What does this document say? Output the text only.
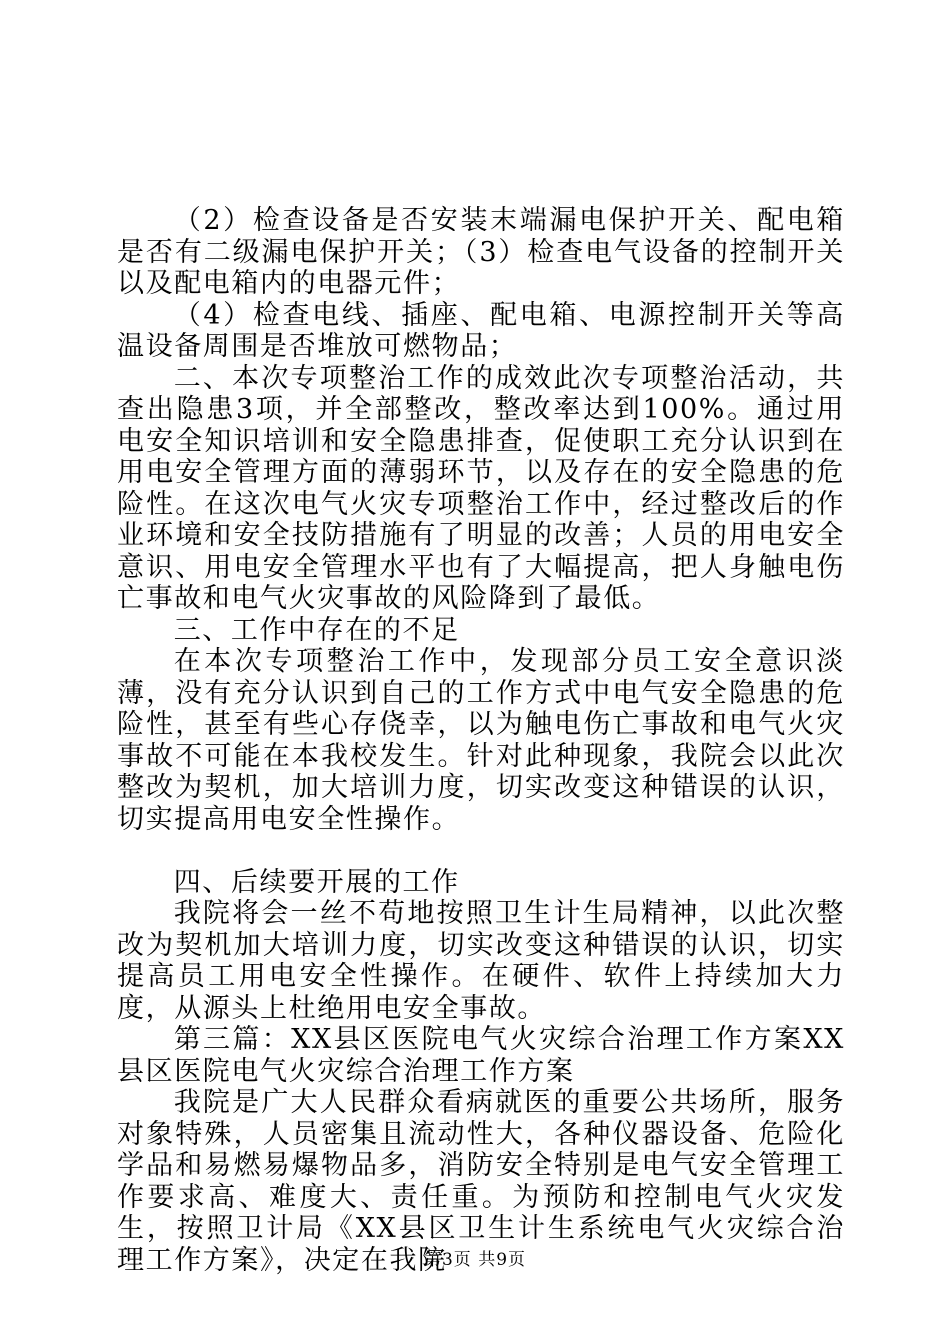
（2）检查设备是否安装末端漏电保护开关、配电箱是否有二级漏电保护开关；（3）检查电气设备的控制开关以及配电箱内的电器元件；

（4）检查电线、插座、配电箱、电源控制开关等高温设备周围是否堆放可燃物品；

二、本次专项整治工作的成效此次专项整治活动，共查出隐患3项，并全部整改，整改率达到100%。通过用电安全知识培训和安全隐患排查，促使职工充分认识到在用电安全管理方面的薄弱环节，以及存在的安全隐患的危险性。在这次电气火灾专项整治工作中，经过整改后的作业环境和安全技防措施有了明显的改善；人员的用电安全意识、用电安全管理水平也有了大幅提高，把人身触电伤亡事故和电气火灾事故的风险降到了最低。

三、工作中存在的不足

在本次专项整治工作中，发现部分员工安全意识淡薄，没有充分认识到自己的工作方式中电气安全隐患的危险性，甚至有些心存侥幸，以为触电伤亡事故和电气火灾事故不可能在本我校发生。针对此种现象，我院会以此次整改为契机，加大培训力度，切实改变这种错误的认识，切实提高用电安全性操作。

四、后续要开展的工作

我院将会一丝不苟地按照卫生计生局精神，以此次整改为契机加大培训力度，切实改变这种错误的认识，切实提高员工用电安全性操作。在硬件、软件上持续加大力度，从源头上杜绝用电安全事故。

第三篇：XX县区医院电气火灾综合治理工作方案XX县区医院电气火灾综合治理工作方案

我院是广大人民群众看病就医的重要公共场所，服务对象特殊，人员密集且流动性大，各种仪器设备、危险化学品和易燃易爆物品多，消防安全特别是电气安全管理工作要求高、难度大、责任重。为预防和控制电气火灾发生，按照卫计局《XX县区卫生计生系统电气火灾综合治理工作方案》，决定在我院

第3页 共9页
